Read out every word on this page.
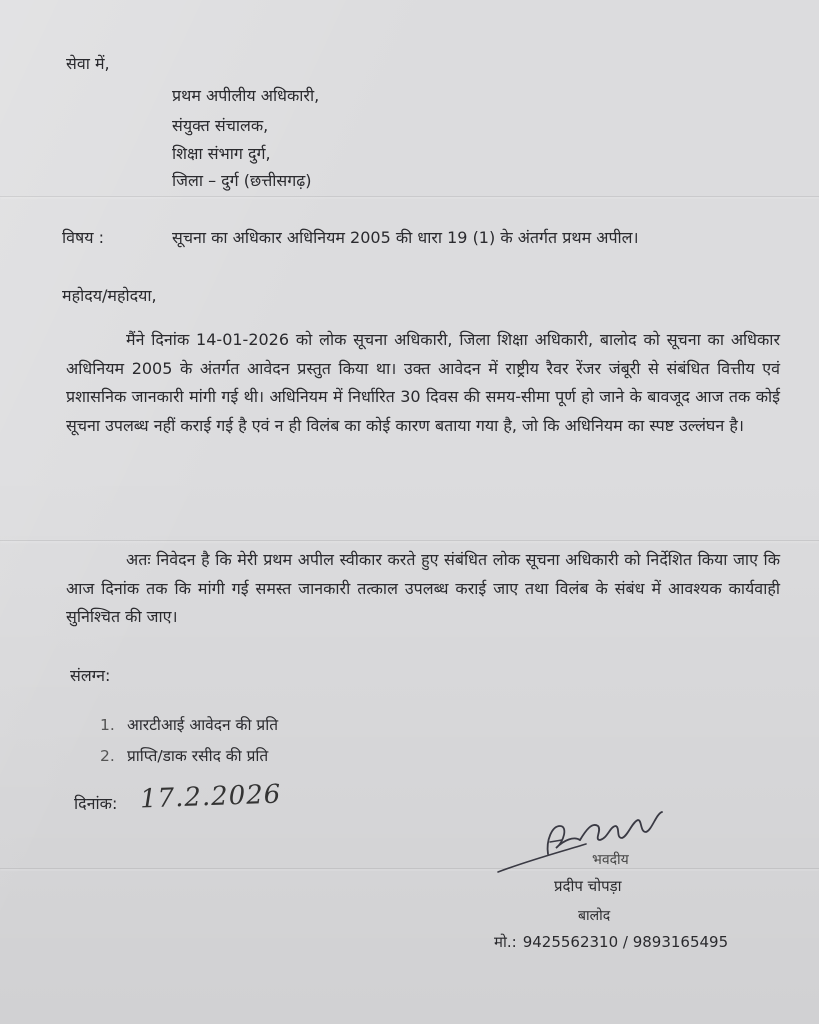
सेवा में,
प्रथम अपीलीय अधिकारी,
संयुक्त संचालक,
शिक्षा संभाग दुर्ग,
जिला – दुर्ग (छत्तीसगढ़)
विषय :	सूचना का अधिकार अधिनियम 2005 की धारा 19 (1) के अंतर्गत प्रथम अपील।
महोदय/महोदया,
मैंने दिनांक 14-01-2026 को लोक सूचना अधिकारी, जिला शिक्षा अधिकारी, बालोद को सूचना का अधिकार अधिनियम 2005 के अंतर्गत आवेदन प्रस्तुत किया था। उक्त आवेदन में राष्ट्रीय रैवर रेंजर जंबूरी से संबंधित वित्तीय एवं प्रशासनिक जानकारी मांगी गई थी। अधिनियम में निर्धारित 30 दिवस की समय-सीमा पूर्ण हो जाने के बावजूद आज तक कोई सूचना उपलब्ध नहीं कराई गई है एवं न ही विलंब का कोई कारण बताया गया है, जो कि अधिनियम का स्पष्ट उल्लंघन है।
अतः निवेदन है कि मेरी प्रथम अपील स्वीकार करते हुए संबंधित लोक सूचना अधिकारी को निर्देशित किया जाए कि आज दिनांक तक कि मांगी गई समस्त जानकारी तत्काल उपलब्ध कराई जाए तथा विलंब के संबंध में आवश्यक कार्यवाही सुनिश्चित की जाए।
संलग्न:
1. आरटीआई आवेदन की प्रति
2. प्राप्ति/डाक रसीद की प्रति
दिनांक: 17.2.2026
भवदीय
प्रदीप चोपड़ा
बालोद
मो.: 9425562310 / 9893165495
